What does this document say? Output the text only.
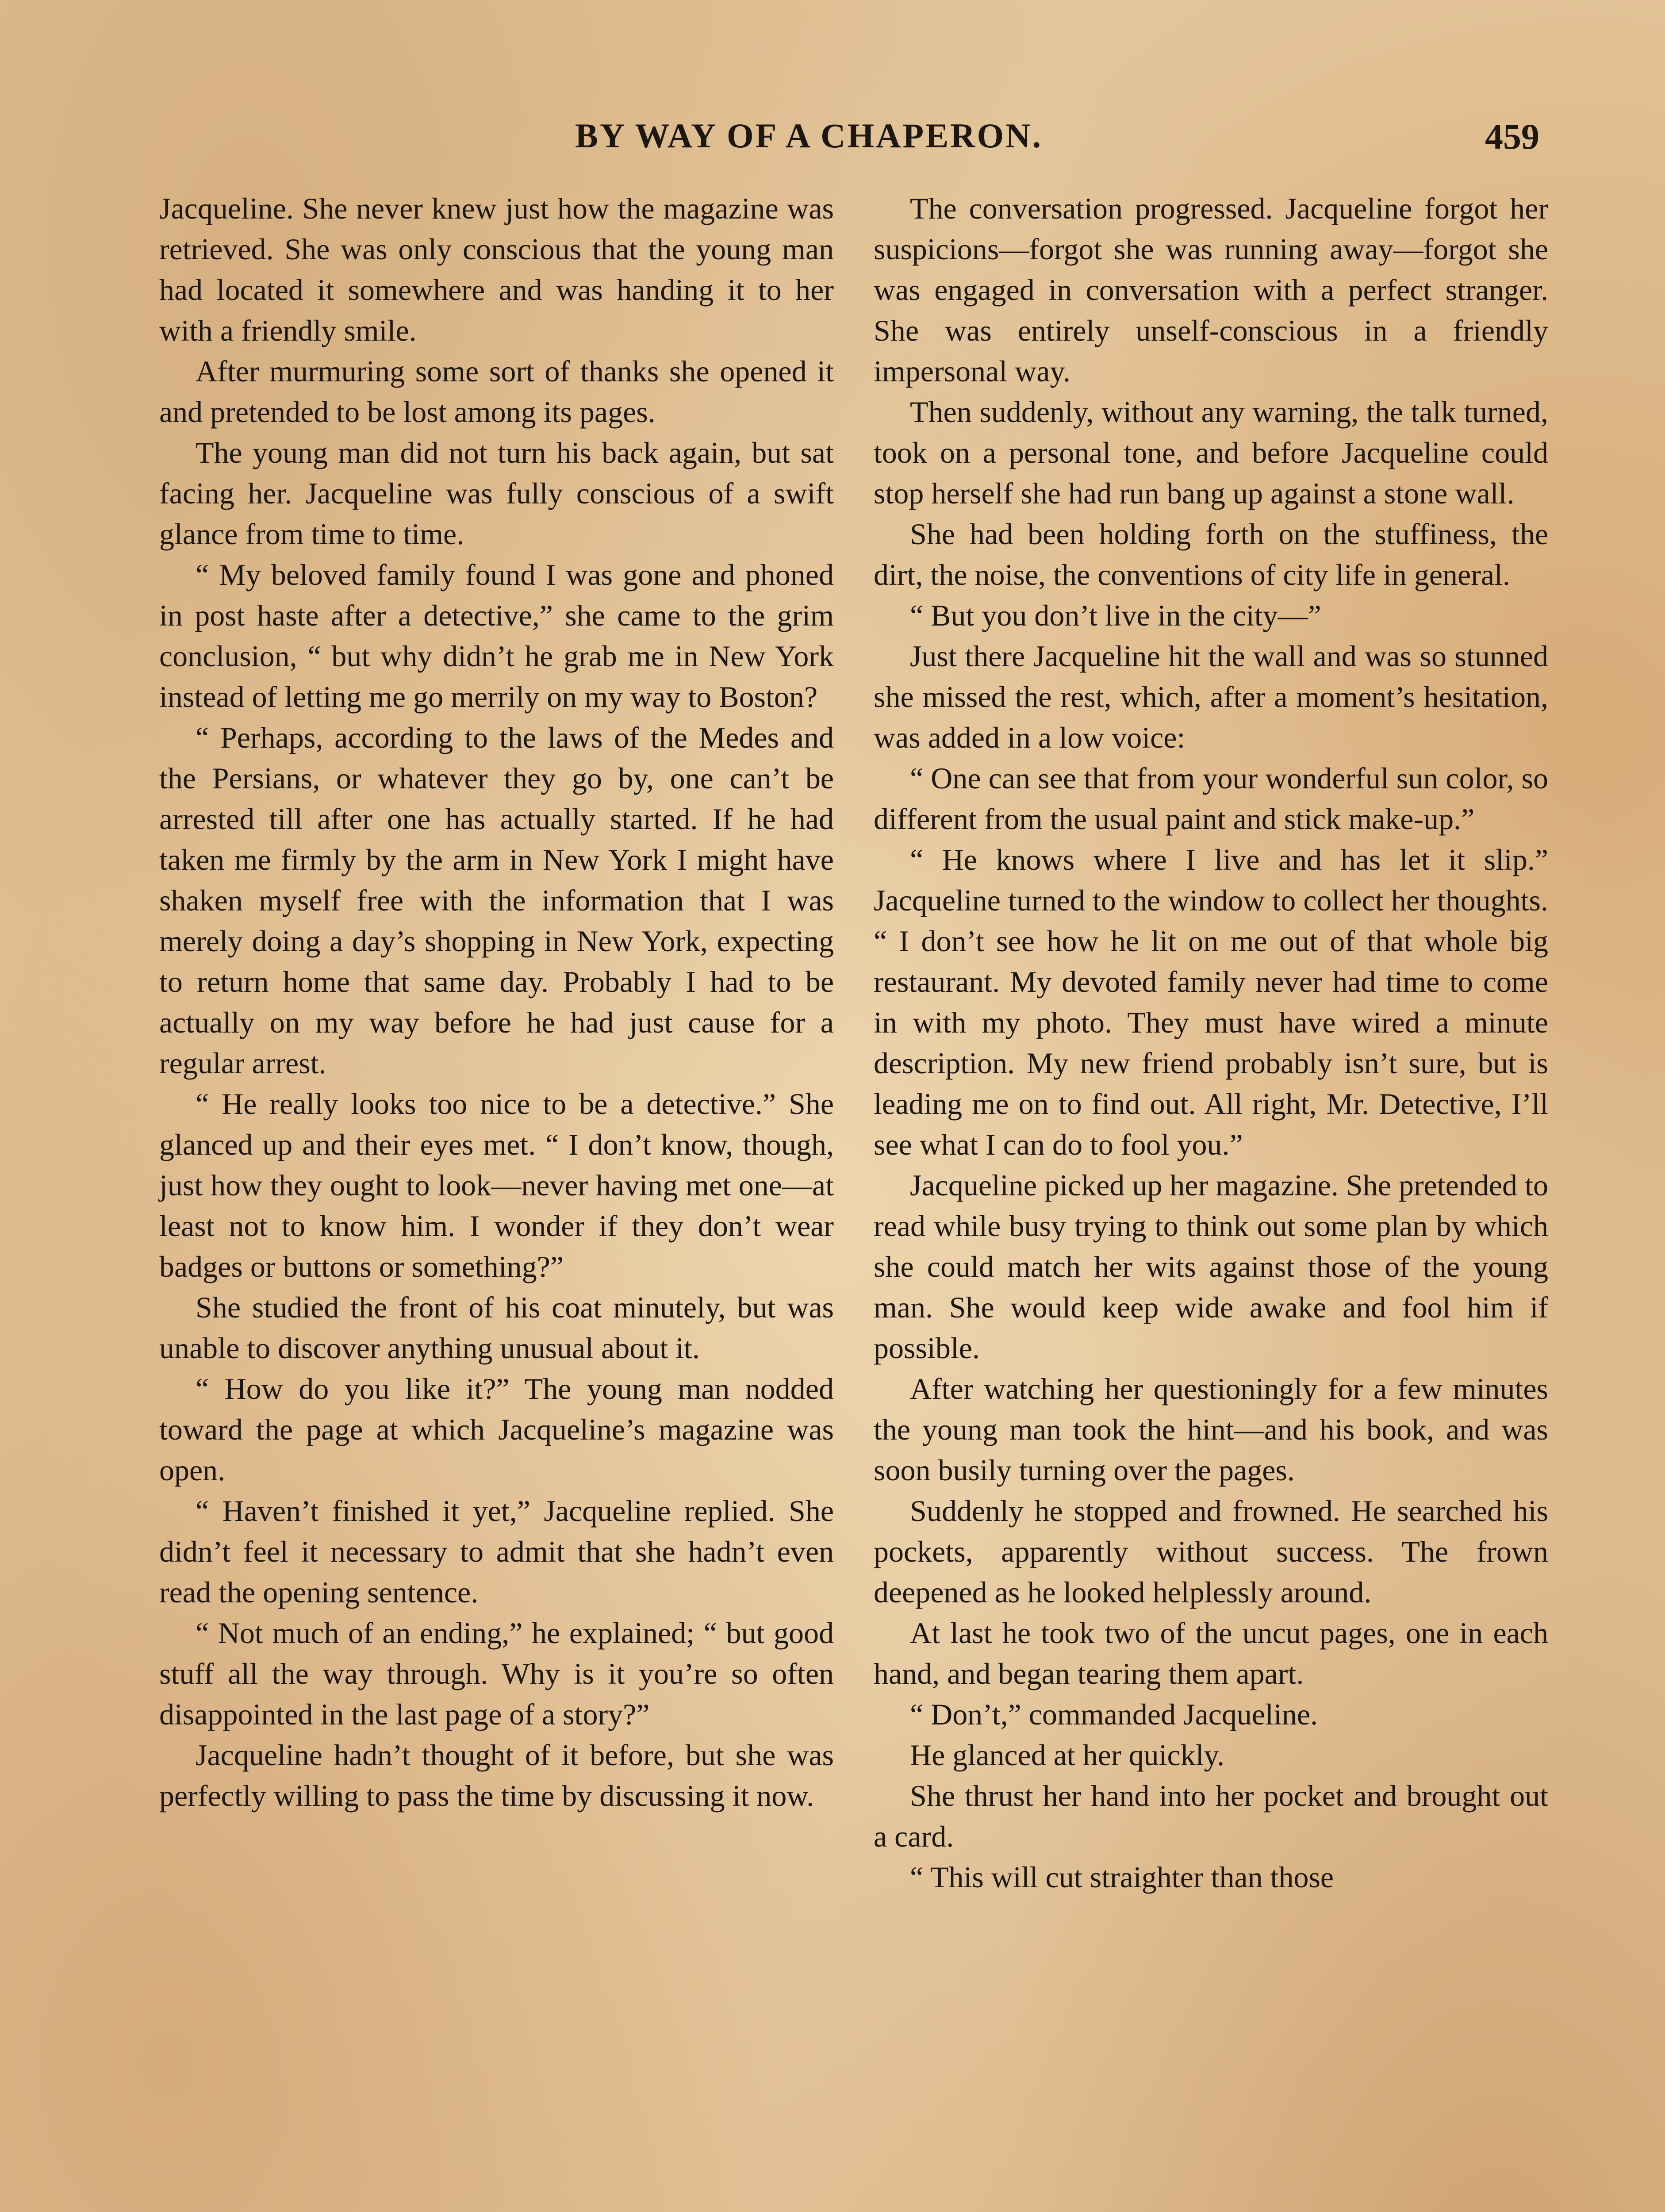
BY WAY OF A CHAPERON.	459

Jacqueline. She never knew just how the magazine was retrieved. She was only conscious that the young man had located it somewhere and was handing it to her with a friendly smile.

After murmuring some sort of thanks she opened it and pretended to be lost among its pages.

The young man did not turn his back again, but sat facing her. Jacqueline was fully conscious of a swift glance from time to time.

“ My beloved family found I was gone and phoned in post haste after a detective,” she came to the grim conclusion, “ but why didn’t he grab me in New York instead of letting me go merrily on my way to Boston?

“ Perhaps, according to the laws of the Medes and the Persians, or whatever they go by, one can’t be arrested till after one has actually started. If he had taken me firmly by the arm in New York I might have shaken myself free with the information that I was merely doing a day’s shopping in New York, expecting to return home that same day. Probably I had to be actually on my way before he had just cause for a regular arrest.

“ He really looks too nice to be a detective.” She glanced up and their eyes met. “ I don’t know, though, just how they ought to look—never having met one—at least not to know him. I wonder if they don’t wear badges or buttons or something?”

She studied the front of his coat minutely, but was unable to discover anything unusual about it.

“ How do you like it?” The young man nodded toward the page at which Jacqueline’s magazine was open.

“ Haven’t finished it yet,” Jacqueline replied. She didn’t feel it necessary to admit that she hadn’t even read the opening sentence.

“ Not much of an ending,” he explained; “ but good stuff all the way through. Why is it you’re so often disappointed in the last page of a story?”

Jacqueline hadn’t thought of it before, but she was perfectly willing to pass the time by discussing it now.

The conversation progressed. Jacqueline forgot her suspicions—forgot she was running away—forgot she was engaged in conversation with a perfect stranger. She was entirely unself-conscious in a friendly impersonal way.

Then suddenly, without any warning, the talk turned, took on a personal tone, and before Jacqueline could stop herself she had run bang up against a stone wall.

She had been holding forth on the stuffiness, the dirt, the noise, the conventions of city life in general.

“ But you don’t live in the city—”

Just there Jacqueline hit the wall and was so stunned she missed the rest, which, after a moment’s hesitation, was added in a low voice:

“ One can see that from your wonderful sun color, so different from the usual paint and stick make-up.”

“ He knows where I live and has let it slip.” Jacqueline turned to the window to collect her thoughts. “ I don’t see how he lit on me out of that whole big restaurant. My devoted family never had time to come in with my photo. They must have wired a minute description. My new friend probably isn’t sure, but is leading me on to find out. All right, Mr. Detective, I’ll see what I can do to fool you.”

Jacqueline picked up her magazine. She pretended to read while busy trying to think out some plan by which she could match her wits against those of the young man. She would keep wide awake and fool him if possible.

After watching her questioningly for a few minutes the young man took the hint—and his book, and was soon busily turning over the pages.

Suddenly he stopped and frowned. He searched his pockets, apparently without success. The frown deepened as he looked helplessly around.

At last he took two of the uncut pages, one in each hand, and began tearing them apart.

“ Don’t,” commanded Jacqueline.

He glanced at her quickly.

She thrust her hand into her pocket and brought out a card.

“ This will cut straighter than those
